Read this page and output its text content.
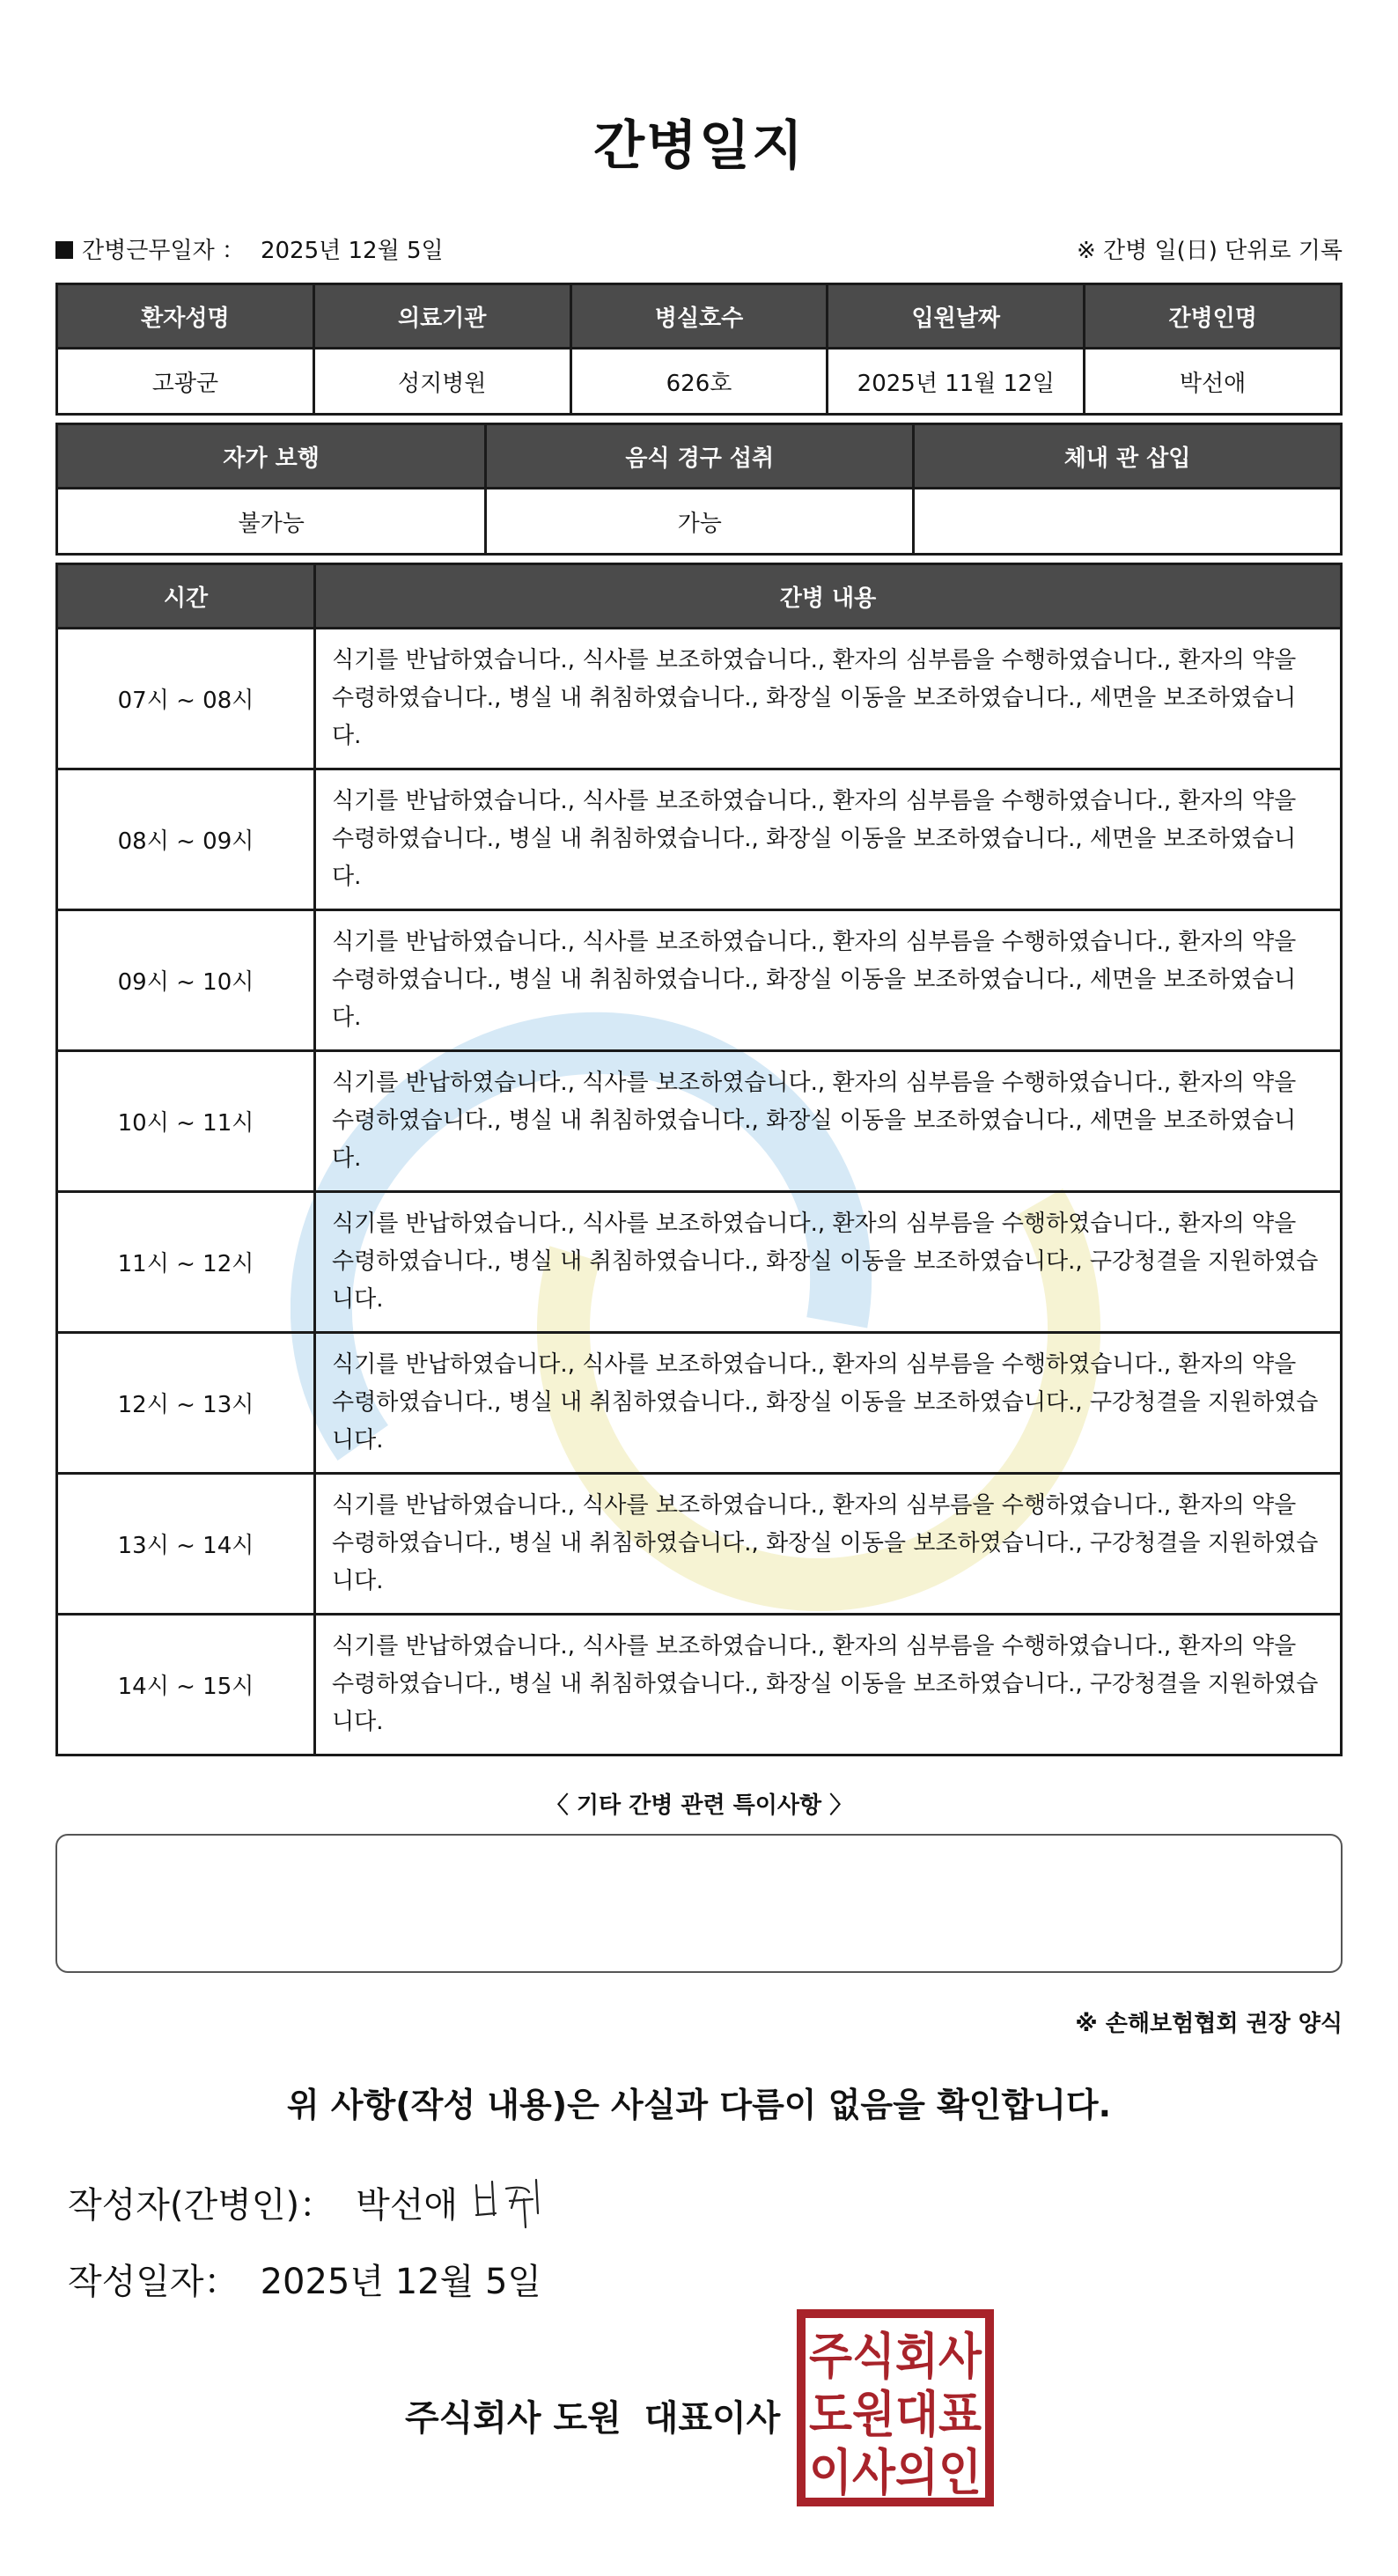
간병일지
간병근무일자 ： 2025년 12월 5일	※ 간병 일(日) 단위로 기록
환자성명	의료기관	병실호수	입원날짜	간병인명
고광군	성지병원	626호	2025년 11월 12일	박선애
자가 보행	음식 경구 섭취	체내 관 삽입
불가능	가능	
시간	간병 내용
07시 ~ 08시	식기를 반납하였습니다., 식사를 보조하였습니다., 환자의 심부름을 수행하였습니다., 환자의 약을 수령하였습니다., 병실 내 취침하였습니다., 화장실 이동을 보조하였습니다., 세면을 보조하였습니다.
08시 ~ 09시	식기를 반납하였습니다., 식사를 보조하였습니다., 환자의 심부름을 수행하였습니다., 환자의 약을 수령하였습니다., 병실 내 취침하였습니다., 화장실 이동을 보조하였습니다., 세면을 보조하였습니다.
09시 ~ 10시	식기를 반납하였습니다., 식사를 보조하였습니다., 환자의 심부름을 수행하였습니다., 환자의 약을 수령하였습니다., 병실 내 취침하였습니다., 화장실 이동을 보조하였습니다., 세면을 보조하였습니다.
10시 ~ 11시	식기를 반납하였습니다., 식사를 보조하였습니다., 환자의 심부름을 수행하였습니다., 환자의 약을 수령하였습니다., 병실 내 취침하였습니다., 화장실 이동을 보조하였습니다., 세면을 보조하였습니다.
11시 ~ 12시	식기를 반납하였습니다., 식사를 보조하였습니다., 환자의 심부름을 수행하였습니다., 환자의 약을 수령하였습니다., 병실 내 취침하였습니다., 화장실 이동을 보조하였습니다., 구강청결을 지원하였습니다.
12시 ~ 13시	식기를 반납하였습니다., 식사를 보조하였습니다., 환자의 심부름을 수행하였습니다., 환자의 약을 수령하였습니다., 병실 내 취침하였습니다., 화장실 이동을 보조하였습니다., 구강청결을 지원하였습니다.
13시 ~ 14시	식기를 반납하였습니다., 식사를 보조하였습니다., 환자의 심부름을 수행하였습니다., 환자의 약을 수령하였습니다., 병실 내 취침하였습니다., 화장실 이동을 보조하였습니다., 구강청결을 지원하였습니다.
14시 ~ 15시	식기를 반납하였습니다., 식사를 보조하였습니다., 환자의 심부름을 수행하였습니다., 환자의 약을 수령하였습니다., 병실 내 취침하였습니다., 화장실 이동을 보조하였습니다., 구강청결을 지원하였습니다.
〈 기타 간병 관련 특이사항 〉
※ 손해보험협회 권장 양식
위 사항(작성 내용)은 사실과 다름이 없음을 확인합니다.
작성자(간병인)： 박선애
작성일자： 2025년 12월 5일
주식회사 도원 대표이사
주식회사
도원대표
이사의인
